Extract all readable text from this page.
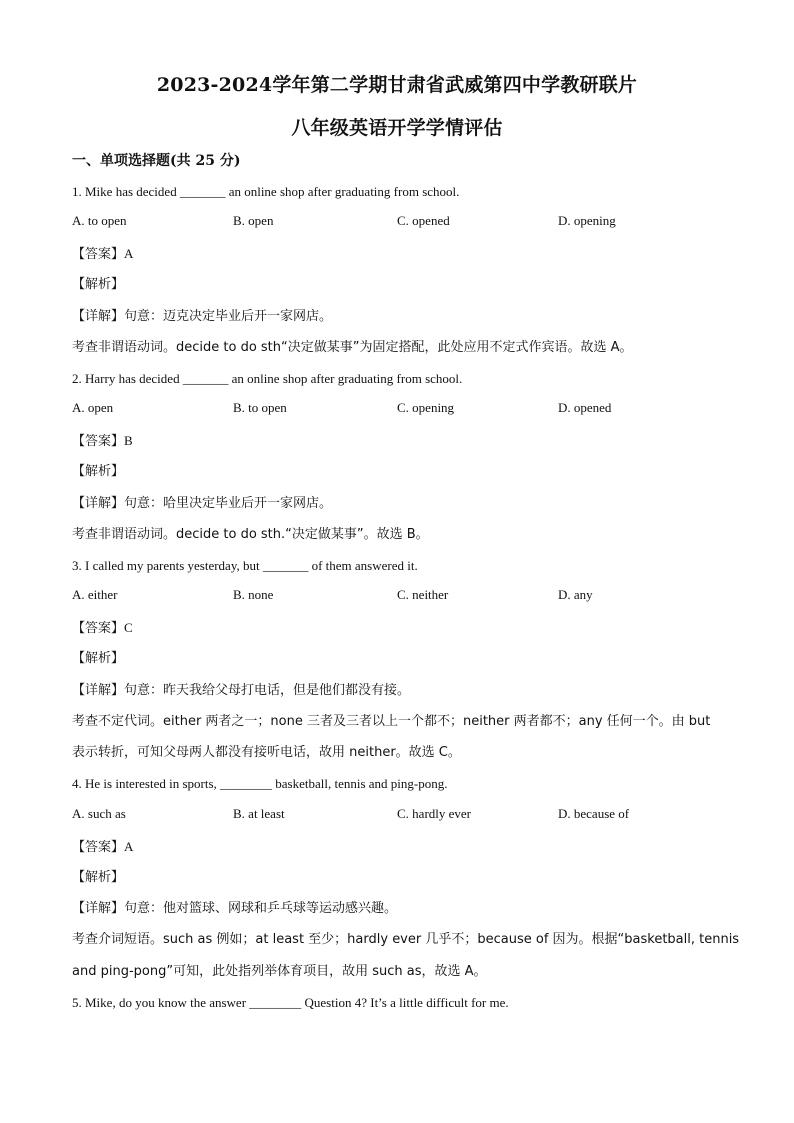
2023-2024学年第二学期甘肃省武威第四中学教研联片
八年级英语开学学情评估
一、单项选择题(共 25 分)
1. Mike has decided _______ an online shop after graduating from school.
A. to open	B. open	C. opened	D. opening
【答案】A
【解析】
【详解】句意：迈克决定毕业后开一家网店。
考查非谓语动词。decide to do sth“决定做某事”为固定搭配，此处应用不定式作宾语。故选 A。
2. Harry has decided _______ an online shop after graduating from school.
A. open	B. to open	C. opening	D. opened
【答案】B
【解析】
【详解】句意：哈里决定毕业后开一家网店。
考查非谓语动词。decide to do sth.“决定做某事”。故选 B。
3. I called my parents yesterday, but _______ of them answered it.
A. either	B. none	C. neither	D. any
【答案】C
【解析】
【详解】句意：昨天我给父母打电话，但是他们都没有接。
考查不定代词。either 两者之一；none 三者及三者以上一个都不；neither 两者都不；any 任何一个。由 but
表示转折，可知父母两人都没有接听电话，故用 neither。故选 C。
4. He is interested in sports, ________ basketball, tennis and ping-pong.
A. such as	B. at least	C. hardly ever	D. because of
【答案】A
【解析】
【详解】句意：他对篮球、网球和乒乓球等运动感兴趣。
考查介词短语。such as 例如；at least 至少；hardly ever 几乎不；because of 因为。根据“basketball, tennis
and ping-pong”可知，此处指列举体育项目，故用 such as，故选 A。
5. Mike, do you know the answer ________ Question 4? It’s a little difficult for me.
